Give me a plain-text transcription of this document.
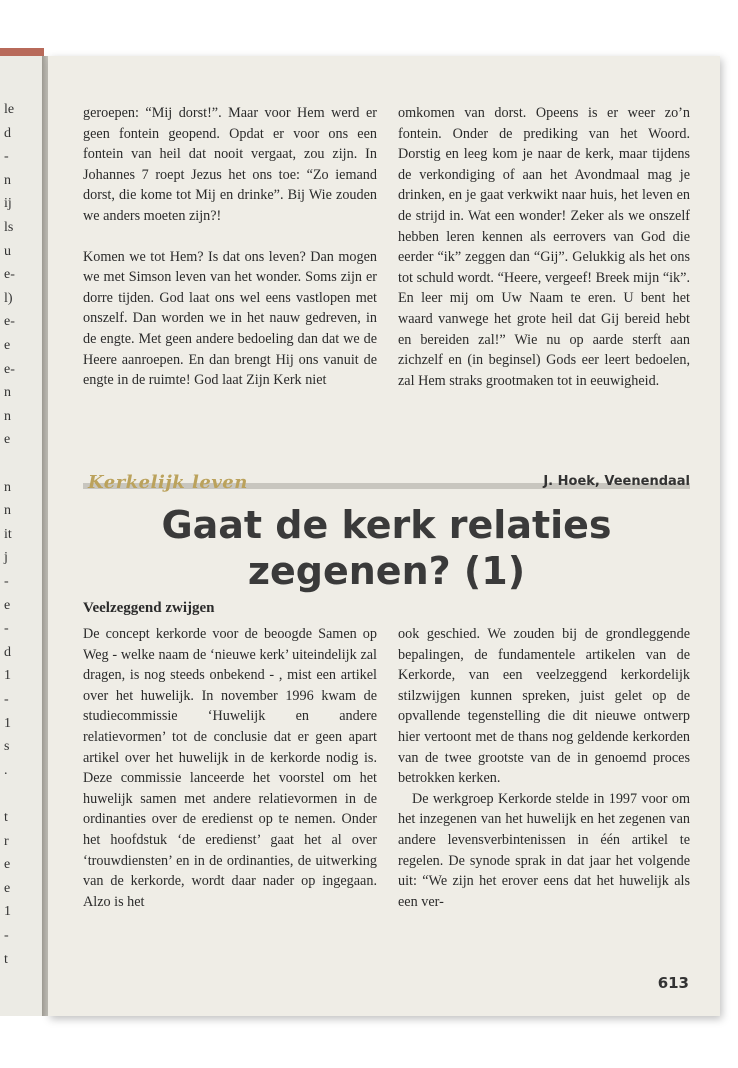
le
d
-
n
ij
ls
u
e-
l)
e-
e
e-
n
n
e
n
n
it
j
-
e
-
d
1
-
1
s
.
t
r
e
e
1
-
t

geroepen: “Mij dorst!”. Maar voor Hem werd er geen fontein geopend. Opdat er voor ons een fontein van heil dat nooit vergaat, zou zijn. In Johannes 7 roept Jezus het ons toe: “Zo iemand dorst, die kome tot Mij en drinke”. Bij Wie zouden we anders moeten zijn?!

Komen we tot Hem? Is dat ons leven? Dan mogen we met Simson leven van het wonder. Soms zijn er dorre tijden. God laat ons wel eens vastlopen met onszelf. Dan worden we in het nauw gedreven, in de engte. Met geen andere bedoeling dan dat we de Heere aanroepen. En dan brengt Hij ons vanuit de engte in de ruimte! God laat Zijn Kerk niet

omkomen van dorst. Opeens is er weer zo’n fontein. Onder de prediking van het Woord. Dorstig en leeg kom je naar de kerk, maar tijdens de verkondiging of aan het Avondmaal mag je drinken, en je gaat verkwikt naar huis, het leven en de strijd in. Wat een wonder! Zeker als we onszelf hebben leren kennen als eerrovers van God die eerder “ik” zeggen dan “Gij”. Gelukkig als het ons tot schuld wordt. “Heere, vergeef! Breek mijn “ik”. En leer mij om Uw Naam te eren. U bent het waard vanwege het grote heil dat Gij bereid hebt en bereiden zal!” Wie nu op aarde sterft aan zichzelf en (in beginsel) Gods eer leert bedoelen, zal Hem straks grootmaken tot in eeuwigheid.

Kerkelijk leven	J. Hoek, Veenendaal
Gaat de kerk relaties
zegenen? (1)
Veelzeggend zwijgen

De concept kerkorde voor de beoogde Samen op Weg - welke naam de ‘nieuwe kerk’ uiteindelijk zal dragen, is nog steeds onbekend - , mist een artikel over het huwelijk. In november 1996 kwam de studiecommissie ‘Huwelijk en andere relatievormen’ tot de conclusie dat er geen apart artikel over het huwelijk in de kerkorde nodig is. Deze commissie lanceerde het voorstel om het huwelijk samen met andere relatievormen in de ordinanties over de eredienst op te nemen. Onder het hoofdstuk ‘de eredienst’ gaat het al over ‘trouwdiensten’ en in de ordinanties, de uitwerking van de kerkorde, wordt daar nader op ingegaan. Alzo is het

ook geschied. We zouden bij de grondleggende bepalingen, de fundamentele artikelen van de Kerkorde, van een veelzeggend kerkordelijk stilzwijgen kunnen spreken, juist gelet op de opvallende tegenstelling die dit nieuwe ontwerp hier vertoont met de thans nog geldende kerkorden van de twee grootste van de in genoemd proces betrokken kerken.

De werkgroep Kerkorde stelde in 1997 voor om het inzegenen van het huwelijk en het zegenen van andere levensverbintenissen in één artikel te regelen. De synode sprak in dat jaar het volgende uit: “We zijn het erover eens dat het huwelijk als een ver-

613
